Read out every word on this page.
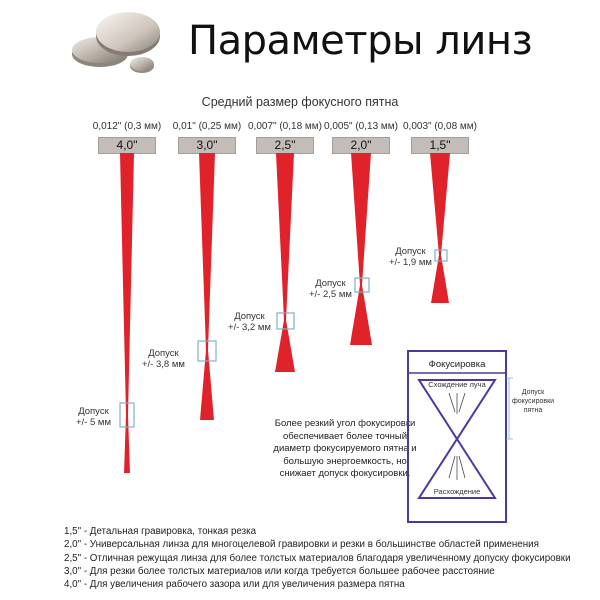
Параметры линз
Средний размер фокусного пятна
0,012" (0,3 мм) 0,01" (0,25 мм) 0,007" (0,18 мм) 0,005" (0,13 мм) 0,003" (0,08 мм)
4,0"	3,0"	2,5"	2,0"	1,5"
Допуск
+/- 5 мм
Допуск
+/- 3,8 мм
Допуск
+/- 3,2 мм
Допуск
+/- 2,5 мм
Допуск
+/- 1,9 мм
Более резкий угол фокусировки обеспечивает более точный диаметр фокусируемого пятна и большую энергоемкость, но снижает допуск фокусировки.
Фокусировка
Схождение луча
Расхождение
Допуск
фокусировки
пятна
1,5" - Детальная гравировка, тонкая резка
2,0" - Универсальная линза для многоцелевой гравировки и резки в большинстве областей применения
2,5" - Отличная режущая линза для более толстых материалов благодаря увеличенному допуску фокусировки
3,0" - Для резки более толстых материалов или когда требуется большее рабочее расстояние
4,0" - Для увеличения рабочего зазора или для увеличения размера пятна
